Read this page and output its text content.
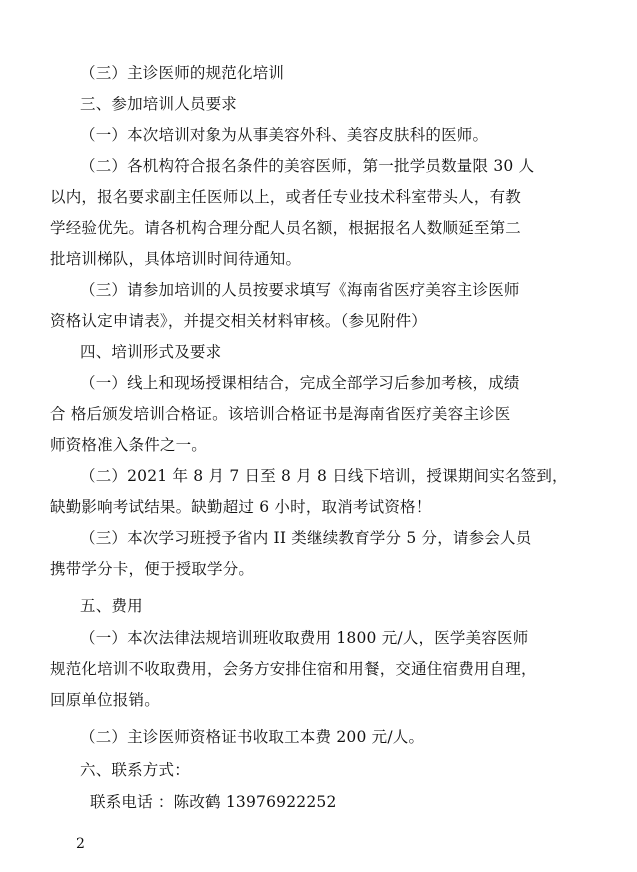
（三）主诊医师的规范化培训
三、参加培训人员要求
（一）本次培训对象为从事美容外科、美容皮肤科的医师。
（二）各机构符合报名条件的美容医师，第一批学员数量限 30 人
以内，报名要求副主任医师以上，或者任专业技术科室带头人，有教
学经验优先。请各机构合理分配人员名额，根据报名人数顺延至第二
批培训梯队，具体培训时间待通知。
（三）请参加培训的人员按要求填写《海南省医疗美容主诊医师
资格认定申请表》，并提交相关材料审核。（参见附件）
四、培训形式及要求
（一）线上和现场授课相结合，完成全部学习后参加考核，成绩
合 格后颁发培训合格证。该培训合格证书是海南省医疗美容主诊医
师资格准入条件之一。
（二）2021 年 8 月 7 日至 8 月 8 日线下培训，授课期间实名签到，
缺勤影响考试结果。缺勤超过 6 小时，取消考试资格！
（三）本次学习班授予省内 II 类继续教育学分 5 分，请参会人员
携带学分卡，便于授取学分。
五、费用
（一）本次法律法规培训班收取费用 1800 元/人，医学美容医师
规范化培训不收取费用，会务方安排住宿和用餐，交通住宿费用自理，
回原单位报销。
（二）主诊医师资格证书收取工本费 200 元/人。
六、联系方式：
联系电话 ：陈改鹤 13976922252
2
